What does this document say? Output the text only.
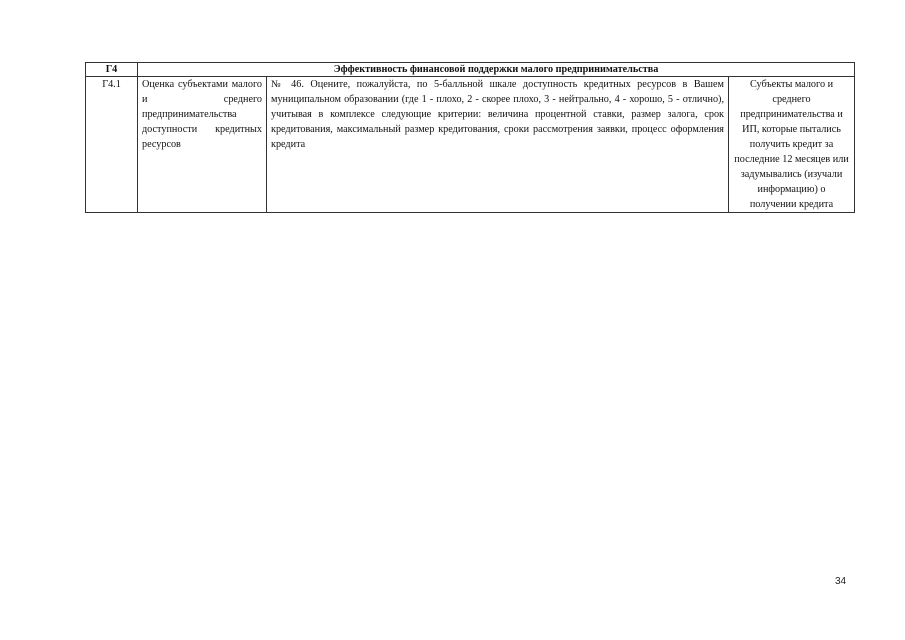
Г4	Эффективность финансовой поддержки малого предпринимательства		
Г4.1	Оценка субъектами малого и среднего предпринимательства доступности кредитных ресурсов	№ 46. Оцените, пожалуйста, по 5-балльной шкале доступность кредитных ресурсов в Вашем муниципальном образовании (где 1 - плохо, 2 - скорее плохо, 3 - нейтрально, 4 - хорошо, 5 - отлично), учитывая в комплексе следующие критерии: величина процентной ставки, размер залога, срок кредитования, максимальный размер кредитования, сроки рассмотрения заявки, процесс оформления кредита	Субъекты малого и среднего предпринимательства и ИП, которые пытались получить кредит за последние 12 месяцев или задумывались (изучали информацию) о получении кредита
34
